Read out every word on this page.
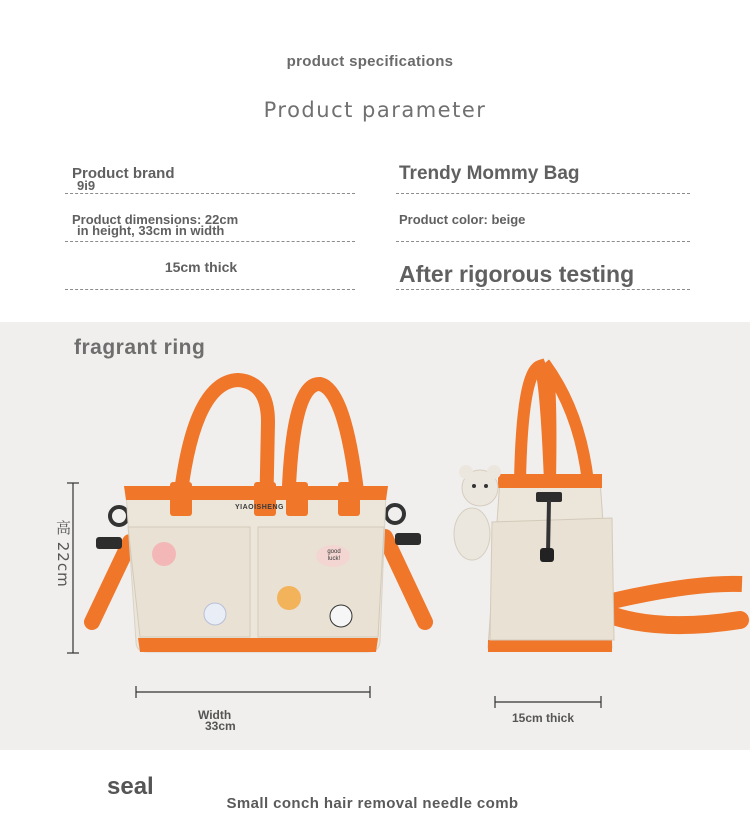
product specifications
Product parameter
Product brand
9i9
Product dimensions: 22cm
in height, 33cm in width
15cm thick
Trendy Mommy Bag
Product color: beige
After rigorous testing
YIAOISHENG
good
luck!
fragrant ring
高 22cm
Width
33cm
15cm thick
seal
Small conch hair removal needle comb
